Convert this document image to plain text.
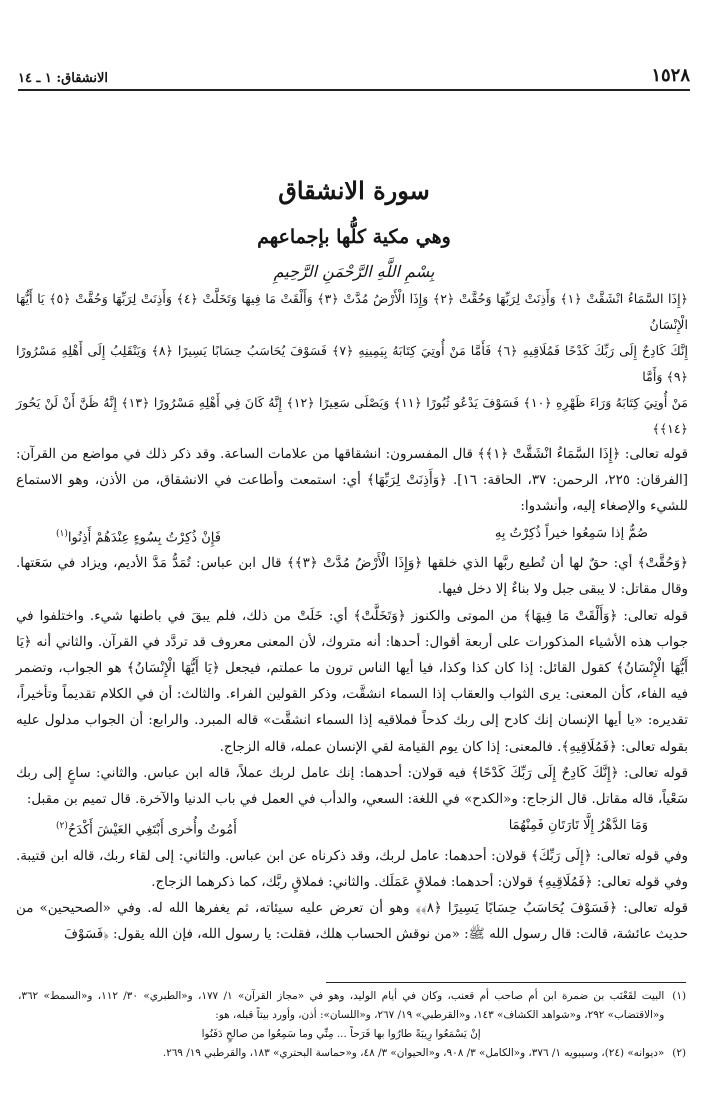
١٥٢٨
الانشقاق: ١ ـ ١٤
سورة الانشقاق
وهي مكية كلُّها بإجماعهم
بِسْمِ اللَّهِ الرَّحْمَنِ الرَّحِيمِ
﴿إِذَا السَّمَاءُ انْشَقَّتْ ﴿١﴾ وَأَذِنَتْ لِرَبِّهَا وَحُقَّتْ ﴿٢﴾ وَإِذَا الْأَرْضُ مُدَّتْ ﴿٣﴾ وَأَلْقَتْ مَا فِيهَا وَتَخَلَّتْ ﴿٤﴾ وَأَذِنَتْ لِرَبِّهَا وَحُقَّتْ ﴿٥﴾ يَا أَيُّهَا الْإِنْسَانُ
إِنَّكَ كَادِحٌ إِلَى رَبِّكَ كَدْحًا فَمُلَاقِيهِ ﴿٦﴾ فَأَمَّا مَنْ أُوتِيَ كِتَابَهُ بِيَمِينِهِ ﴿٧﴾ فَسَوْفَ يُحَاسَبُ حِسَابًا يَسِيرًا ﴿٨﴾ وَيَنْقَلِبُ إِلَى أَهْلِهِ مَسْرُورًا ﴿٩﴾ وَأَمَّا
مَنْ أُوتِيَ كِتَابَهُ وَرَاءَ ظَهْرِهِ ﴿١٠﴾ فَسَوْفَ يَدْعُو ثُبُورًا ﴿١١﴾ وَيَصْلَى سَعِيرًا ﴿١٢﴾ إِنَّهُ كَانَ فِي أَهْلِهِ مَسْرُورًا ﴿١٣﴾ إِنَّهُ ظَنَّ أَنْ لَنْ يَحُورَ ﴿١٤﴾﴾

قوله تعالى: ﴿إِذَا السَّمَاءُ انْشَقَّتْ ﴿١﴾﴾ قال المفسرون: انشقاقها من علامات الساعة. وقد ذكر ذلك في مواضع من القرآن: [الفرقان: ٢٢٥، الرحمن: ٣٧، الحاقة: ١٦]. ﴿وَأَذِنَتْ لِرَبِّهَا﴾ أي: استمعت وأطاعت في الانشقاق، من الأذن، وهو الاستماع للشيء والإصغاء إليه، وأنشدوا:

صُمٌّ إذا سَمِعُوا خيراً ذُكِرْتُ بِهِ
فَإِنْ ذُكِرْتُ بِسُوءٍ عِنْدَهُمْ أَذِنُوا$^{(١)}$

﴿وَحُقَّتْ﴾ أي: حقٌ لها أن تُطيع ربَّها الذي خلقها ﴿وَإِذَا الْأَرْضُ مُدَّتْ ﴿٣﴾﴾ قال ابن عباس: تُمَدُّ مَدَّ الأديم، ويزاد في سَعَتها. وقال مقاتل: لا يبقى جبل ولا بناءٌ إلا دخل فيها.

قوله تعالى: ﴿وَأَلْقَتْ مَا فِيهَا﴾ من الموتى والكنوز ﴿وَتَخَلَّتْ﴾ أي: خَلَتْ من ذلك، فلم يبقَ في باطنها شيء. واختلفوا في جواب هذه الأشياء المذكورات على أربعة أقوال: أحدها: أنه متروك، لأن المعنى معروف قد تردَّد في القرآن. والثاني أنه ﴿يَا أَيُّهَا الْإِنْسَانُ﴾ كقول القائل: إذا كان كذا وكذا، فيا أيها الناس ترون ما عملتم، فيجعل ﴿يَا أَيُّهَا الْإِنْسَانُ﴾ هو الجواب، وتضمر فيه الفاء، كأن المعنى: يرى الثواب والعقاب إذا السماء انشقَّت، وذكر القولين الفراء. والثالث: أن في الكلام تقديماً وتأخيراً، تقديره: «يا أيها الإنسان إنك كادح إلى ربك كدحاً فملاقيه إذا السماء انشقَّت» قاله المبرد. والرابع: أن الجواب مدلول عليه بقوله تعالى: ﴿فَمُلَاقِيهِ﴾. فالمعنى: إذا كان يوم القيامة لقي الإنسان عمله، قاله الزجاج.

قوله تعالى: ﴿إِنَّكَ كَادِحٌ إِلَى رَبِّكَ كَدْحًا﴾ فيه قولان: أحدهما: إنك عامل لربك عملاً، قاله ابن عباس. والثاني: ساعٍ إلى ربك سَعْياً، قاله مقاتل. قال الزجاج: و«الكدح» في اللغة: السعي، والدأب في العمل في باب الدنيا والآخرة. قال تميم بن مقبل:

وَمَا الدَّهْرُ إِلَّا تَارَتَانِ فَمِنْهُمَا
أَمُوتُ وأُخرى أَبْتَغِي العَيْشَ أَكْدَحُ$^{(٢)}$

وفي قوله تعالى: ﴿إِلَى رَبِّكَ﴾ قولان: أحدهما: عامل لربك، وقد ذكرناه عن ابن عباس. والثاني: إلى لقاء ربك، قاله ابن قتيبة. وفي قوله تعالى: ﴿فَمُلَاقِيهِ﴾ قولان: أحدهما: فملاقٍ عَمَلَك. والثاني: فملاقٍ ربَّك، كما ذكرهما الزجاج.

قوله تعالى: ﴿فَسَوْفَ يُحَاسَبُ حِسَابًا يَسِيرًا ﴿٨﴾﴾ وهو أن تعرض عليه سيئاته، ثم يغفرها الله له. وفي «الصحيحين» من حديث عائشة، قالت: قال رسول الله ﷺ: «من نوقش الحساب هلك، فقلت: يا رسول الله، فإن الله يقول: ﴿فَسَوْفَ

(١)
البيت لقَعْنَب بن ضمرة ابن أم صاحب أم قعنب، وكان في أيام الوليد، وهو في «مجاز القرآن» ١/ ١٧٧، و«الطبري» ٣٠/ ١١٢، و«السمط» ٣٦٢، و«الاقتضاب» ٢٩٢، و«شواهد الكشاف» ١٤٣، و«القرطبي» ١٩/ ٢٦٧، و«اللسان»: أذن، وأورد بيتاً قبله، هو:
إنْ يَسْمَعُوا رِيبَةً طارُوا بها فَرَحاً ... مِنِّي وما سَمِعُوا من صالحٍ دَفَنُوا
(٢)
«ديوانه» (٢٤)، وسيبويه ١/ ٣٧٦، و«الكامل» ٣/ ٩٠٨، و«الحيوان» ٣/ ٤٨، و«حماسة البحتري» ١٨٣، والقرطبي ١٩/ ٢٦٩.
